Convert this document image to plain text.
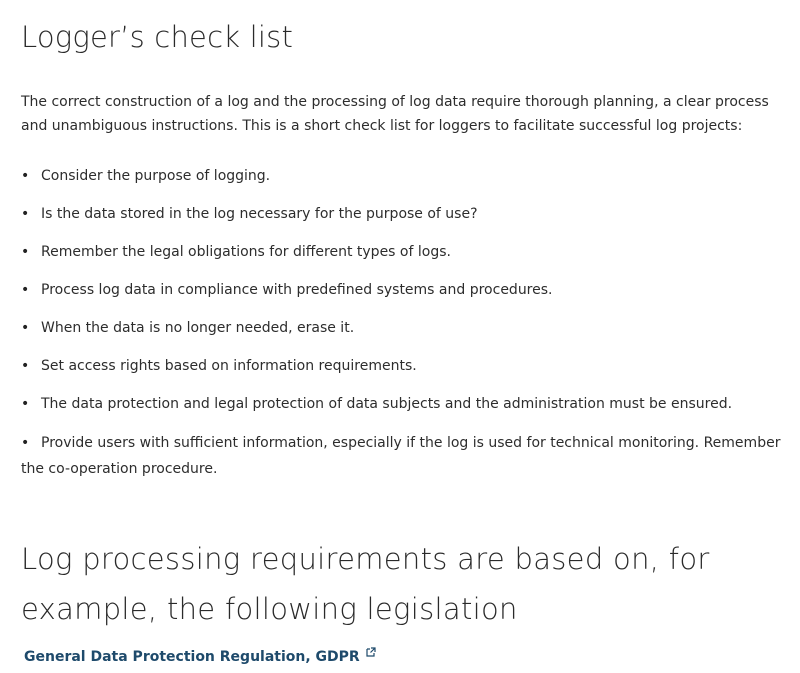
Logger’s check list

The correct construction of a log and the processing of log data require thorough planning, a clear process and unambiguous instructions. This is a short check list for loggers to facilitate successful log projects:

• Consider the purpose of logging.
• Is the data stored in the log necessary for the purpose of use?
• Remember the legal obligations for different types of logs.
• Process log data in compliance with predefined systems and procedures.
• When the data is no longer needed, erase it.
• Set access rights based on information requirements.
• The data protection and legal protection of data subjects and the administration must be ensured.
• Provide users with sufficient information, especially if the log is used for technical monitoring. Remember the co-operation procedure.
Log processing requirements are based on, for example, the following legislation
General Data Protection Regulation, GDPR
